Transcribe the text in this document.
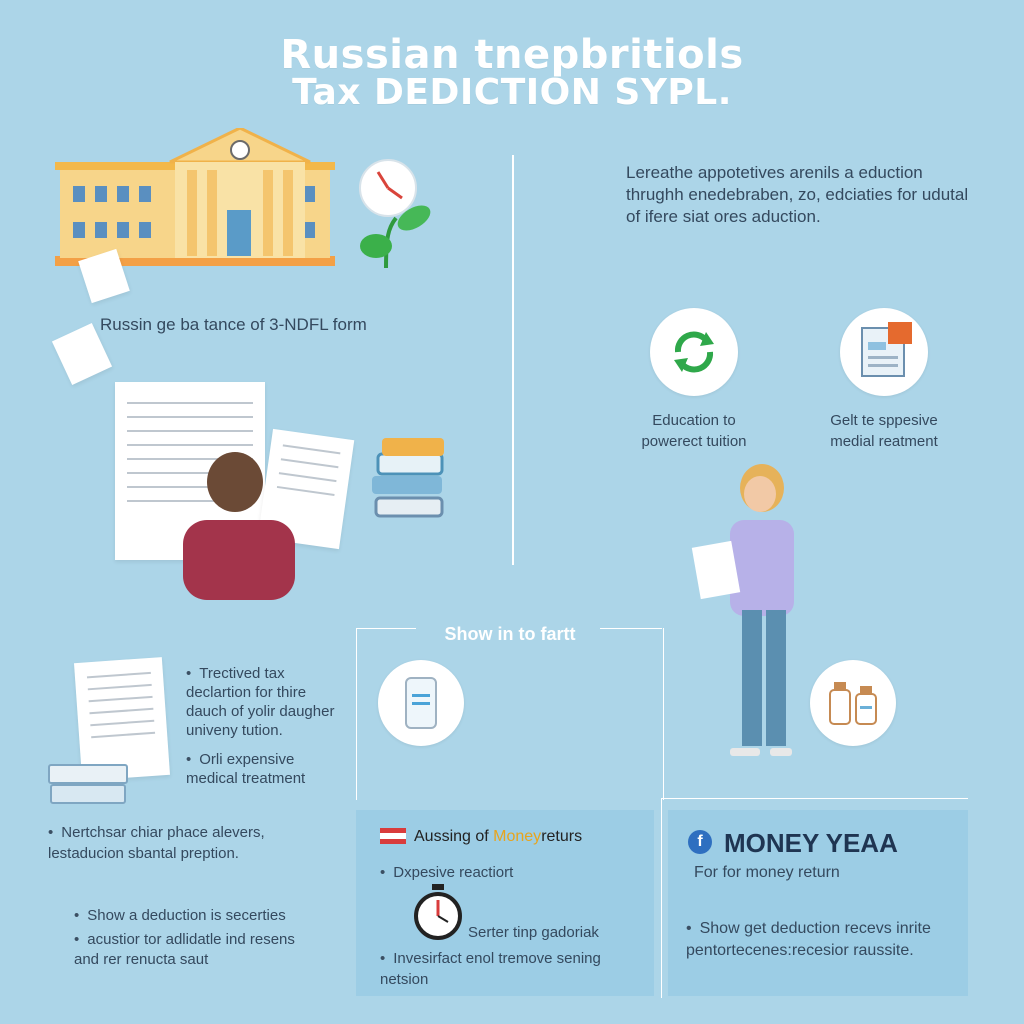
Russian tnepbritiols
Tax DEDICTION SYPL.
Russin ge ba tance of 3-NDFL form
Lereathe appotetives arenils a eduction thrughh enedebraben, zo, edciaties for udutal of ifere siat ores aduction.
Education to powerect tuition
Gelt te sppesive medial reatment
Show in to fartt
• Trectived tax declartion for thire dauch of yolir daugher univeny tution.
• Orli expensive medical treatment
• Nertchsar chiar phace alevers, lestaducion sbantal preption.
• Show a deduction is secerties
• acustior tor adlidatle ind resens and rer renucta saut
Aussing of Moneyreturs
• Dxpesive reactiort
Serter tinp gadoriak
• Invesirfact enol tremove sening netsion
f MONEY YEAA
For for money return
• Show get deduction recevs inrite pentortecenes:recesior raussite.
